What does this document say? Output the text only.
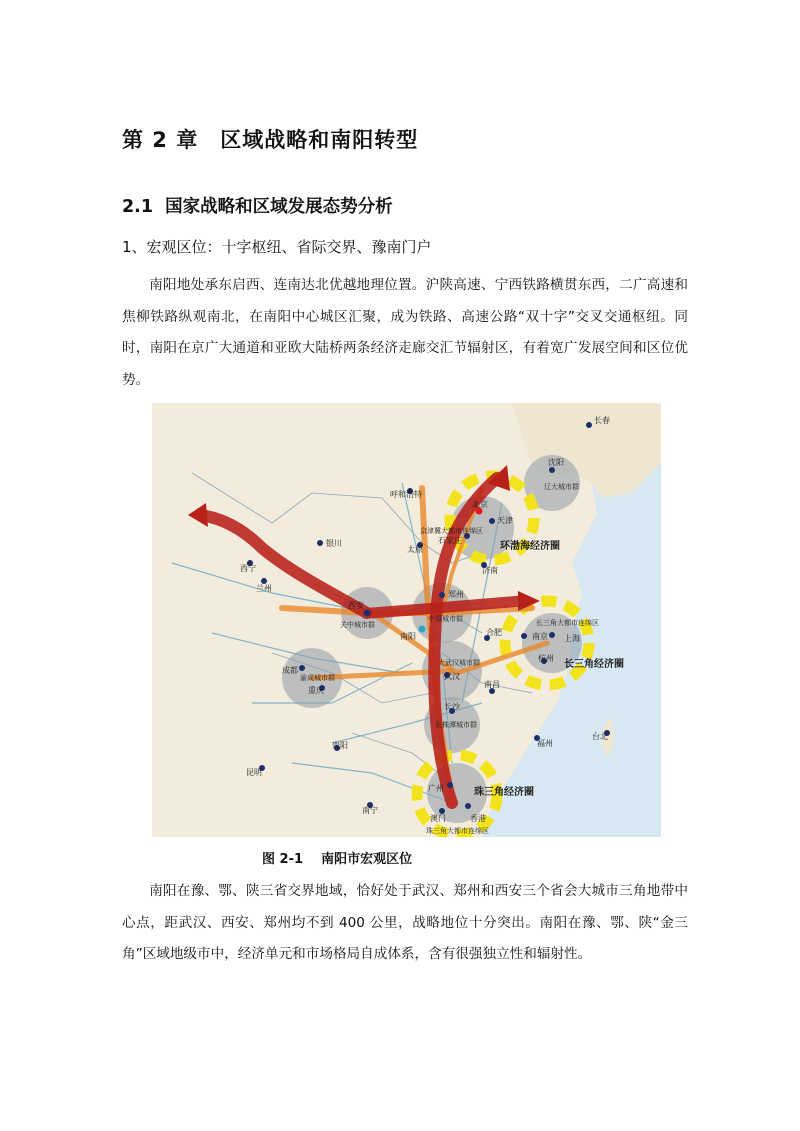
第 2 章　区域战略和南阳转型
2.1  国家战略和区域发展态势分析
1、宏观区位：十字枢纽、省际交界、豫南门户
南阳地处承东启西、连南达北优越地理位置。沪陕高速、宁西铁路横贯东西，二广高速和焦柳铁路纵观南北，在南阳中心城区汇聚，成为铁路、高速公路“双十字”交叉交通枢纽。同时，南阳在京广大通道和亚欧大陆桥两条经济走廊交汇节辐射区，有着宽广发展空间和区位优势。
长春
沈阳
辽大城市群
呼和浩特
北京
天津
京津冀大都市连绵区
石家庄
太原
银川
济南
环渤海经济圈
西宁
兰州
西安
关中城市群
郑州
中原城市群
南阳	合肥	南京
长三角大都市连绵区
上海
杭州
长三角经济圈
成都
渝成城市群
重庆
大武汉城市群
武汉
南昌
长沙
长株潭城市群
福州
台北
贵阳
昆明
广州	珠三角经济圈
南宁
澳门	香港
珠三角大都市连绵区
图 2-1    南阳市宏观区位
南阳在豫、鄂、陕三省交界地域，恰好处于武汉、郑州和西安三个省会大城市三角地带中心点，距武汉、西安、郑州均不到 400 公里，战略地位十分突出。南阳在豫、鄂、陕“金三角”区域地级市中，经济单元和市场格局自成体系，含有很强独立性和辐射性。
